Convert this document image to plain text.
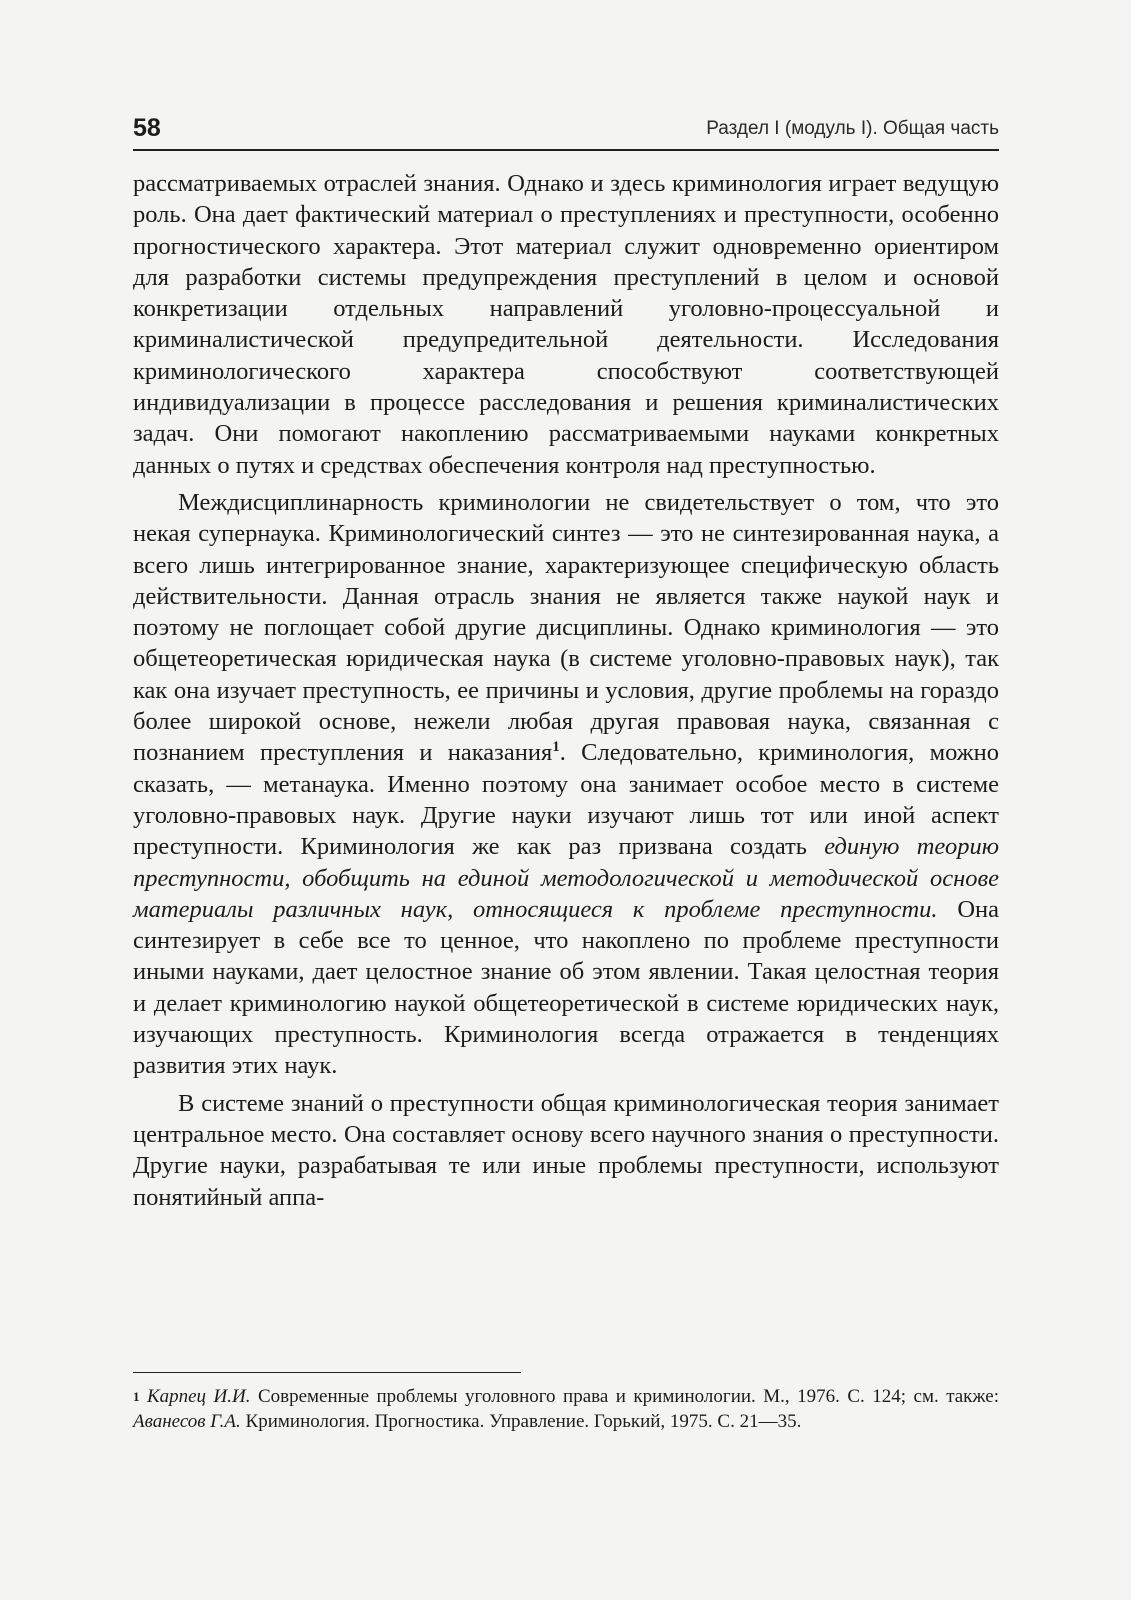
58	Раздел I (модуль I). Общая часть

рассматриваемых отраслей знания. Однако и здесь криминология играет ведущую роль. Она дает фактический материал о преступлениях и преступности, особенно прогностического характера. Этот материал служит одновременно ориентиром для разработки системы предупреждения преступлений в целом и основой конкретизации отдельных направлений уголовно-процессуальной и криминалистической предупредительной деятельности. Исследования криминологического характера способствуют соответствующей индивидуализации в процессе расследования и решения криминалистических задач. Они помогают накоплению рассматриваемыми науками конкретных данных о путях и средствах обеспечения контроля над преступностью.

Междисциплинарность криминологии не свидетельствует о том, что это некая супернаука. Криминологический синтез — это не синтезированная наука, а всего лишь интегрированное знание, характеризующее специфическую область действительности. Данная отрасль знания не является также наукой наук и поэтому не поглощает собой другие дисциплины. Однако криминология — это общетеоретическая юридическая наука (в системе уголовно-правовых наук), так как она изучает преступность, ее причины и условия, другие проблемы на гораздо более широкой основе, нежели любая другая правовая наука, связанная с познанием преступления и наказания$^1$. Следовательно, криминология, можно сказать, — метанаука. Именно поэтому она занимает особое место в системе уголовно-правовых наук. Другие науки изучают лишь тот или иной аспект преступности. Криминология же как раз призвана создать единую теорию преступности, обобщить на единой методологической и методической основе материалы различных наук, относящиеся к проблеме преступности. Она синтезирует в себе все то ценное, что накоплено по проблеме преступности иными науками, дает целостное знание об этом явлении. Такая целостная теория и делает криминологию наукой общетеоретической в системе юридических наук, изучающих преступность. Криминология всегда отражается в тенденциях развития этих наук.

В системе знаний о преступности общая криминологическая теория занимает центральное место. Она составляет основу всего научного знания о преступности. Другие науки, разрабатывая те или иные проблемы преступности, используют понятийный аппа-

$^1$ Карпец И.И. Современные проблемы уголовного права и криминологии. М., 1976. С. 124; см. также: Аванесов Г.А. Криминология. Прогностика. Управление. Горький, 1975. С. 21—35.
